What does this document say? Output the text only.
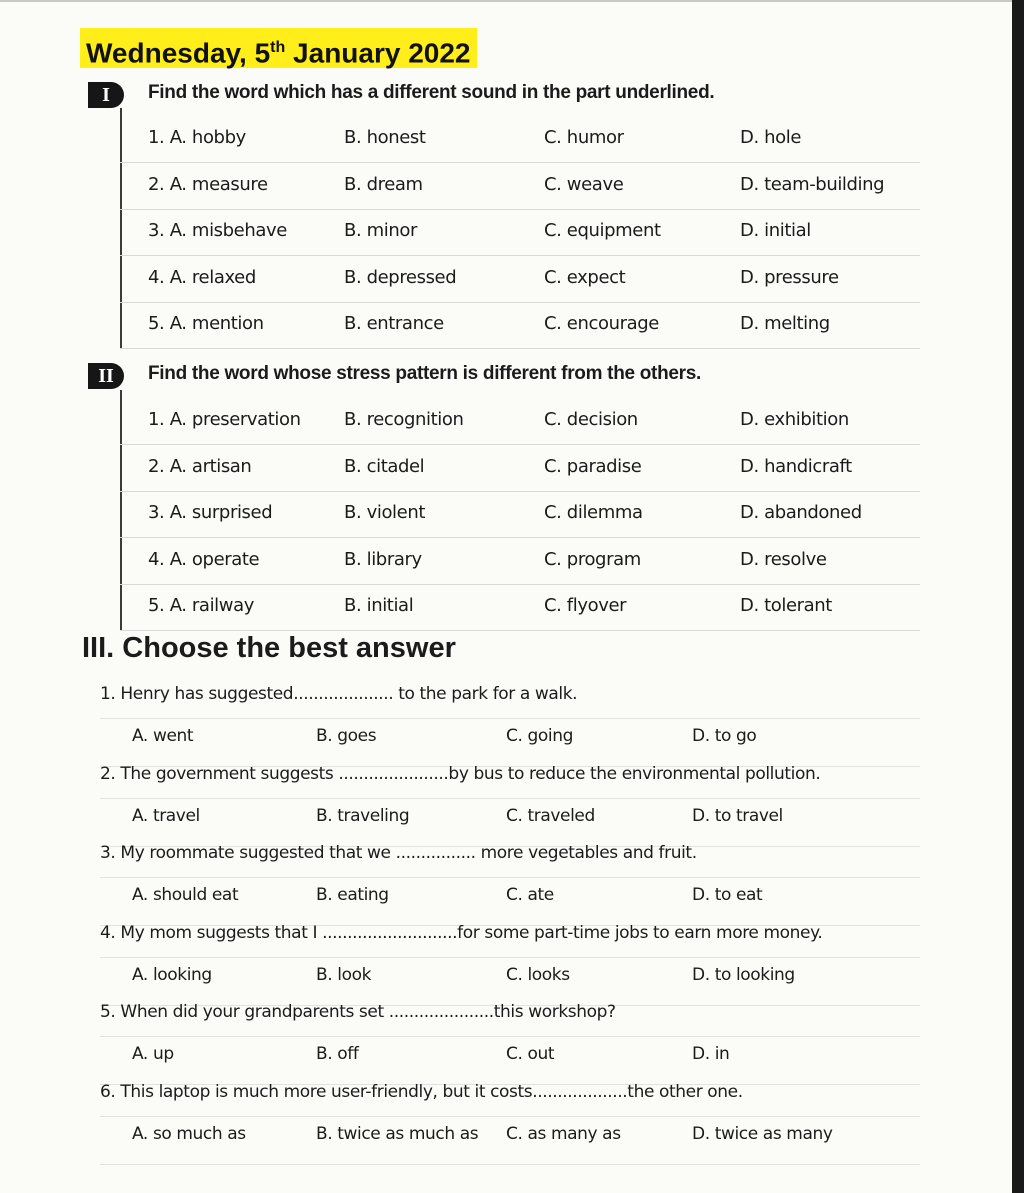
Wednesday, 5th January 2022
I	Find the word which has a different sound in the part underlined.
1. A. hobby	B. honest	C. humor	D. hole
2. A. measure	B. dream	C. weave	D. team-building
3. A. misbehave	B. minor	C. equipment	D. initial
4. A. relaxed	B. depressed	C. expect	D. pressure
5. A. mention	B. entrance	C. encourage	D. melting
II	Find the word whose stress pattern is different from the others.
1. A. preservation B. recognition	C. decision	D. exhibition
2. A. artisan	B. citadel	C. paradise	D. handicraft
3. A. surprised	B. violent	C. dilemma	D. abandoned
4. A. operate	B. library	C. program	D. resolve
5. A. railway	B. initial	C. flyover	D. tolerant
III. Choose the best answer
1. Henry has suggested.................... to the park for a walk.
A. went	B. goes	C. going	D. to go
2. The government suggests ......................by bus to reduce the environmental pollution.
A. travel	B. traveling	C. traveled	D. to travel
3. My roommate suggested that we ................ more vegetables and fruit.
A. should eat	B. eating	C. ate	D. to eat
4. My mom suggests that I ...........................for some part-time jobs to earn more money.
A. looking	B. look	C. looks	D. to looking
5. When did your grandparents set .....................this workshop?
A. up	B. off	C. out	D. in
6. This laptop is much more user-friendly, but it costs...................the other one.
A. so much as	B. twice as much as C. as many as	D. twice as many
